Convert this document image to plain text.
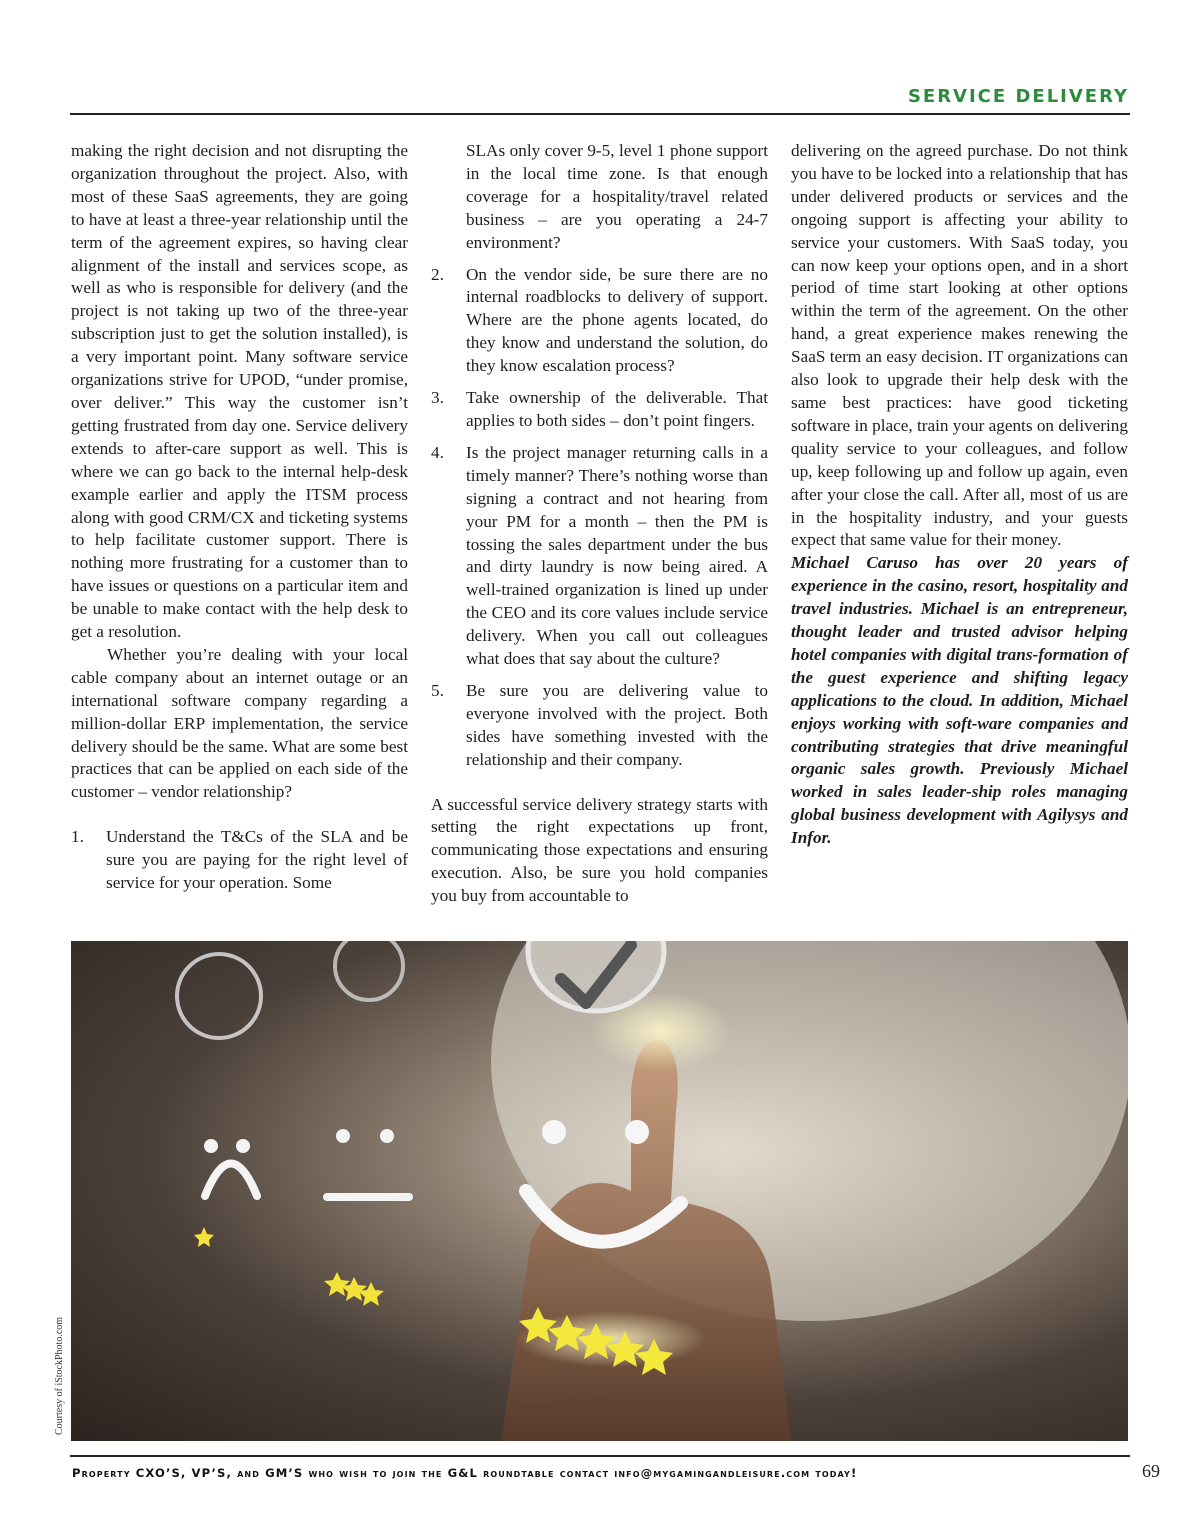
SERVICE DELIVERY

making the right decision and not disrupting the organization throughout the project. Also, with most of these SaaS agreements, they are going to have at least a three-year relationship until the term of the agreement expires, so having clear alignment of the install and services scope, as well as who is responsible for delivery (and the project is not taking up two of the three-year subscription just to get the solution installed), is a very important point. Many software service organizations strive for UPOD, “under promise, over deliver.” This way the customer isn’t getting frustrated from day one. Service delivery extends to after-care support as well. This is where we can go back to the internal help-desk example earlier and apply the ITSM process along with good CRM/CX and ticketing systems to help facilitate customer support. There is nothing more frustrating for a customer than to have issues or questions on a particular item and be unable to make contact with the help desk to get a resolution.

Whether you’re dealing with your local cable company about an internet outage or an international software company regarding a million-dollar ERP implementation, the service delivery should be the same. What are some best practices that can be applied on each side of the customer – vendor relationship?

1. Understand the T&Cs of the SLA and be sure you are paying for the right level of service for your operation. Some
SLAs only cover 9-5, level 1 phone support in the local time zone. Is that enough coverage for a hospitality/travel related business – are you operating a 24-7 environment?
2. On the vendor side, be sure there are no internal roadblocks to delivery of support. Where are the phone agents located, do they know and understand the solution, do they know escalation process?
3. Take ownership of the deliverable. That applies to both sides – don’t point fingers.
4. Is the project manager returning calls in a timely manner? There’s nothing worse than signing a contract and not hearing from your PM for a month – then the PM is tossing the sales department under the bus and dirty laundry is now being aired. A well-trained organization is lined up under the CEO and its core values include service delivery. When you call out colleagues what does that say about the culture?
5. Be sure you are delivering value to everyone involved with the project. Both sides have something invested with the relationship and their company.

A successful service delivery strategy starts with setting the right expectations up front, communicating those expectations and ensuring execution. Also, be sure you hold companies you buy from accountable to

delivering on the agreed purchase. Do not think you have to be locked into a relationship that has under delivered products or services and the ongoing support is affecting your ability to service your customers. With SaaS today, you can now keep your options open, and in a short period of time start looking at other options within the term of the agreement. On the other hand, a great experience makes renewing the SaaS term an easy decision. IT organizations can also look to upgrade their help desk with the same best practices: have good ticketing software in place, train your agents on delivering quality service to your colleagues, and follow up, keep following up and follow up again, even after your close the call. After all, most of us are in the hospitality industry, and your guests expect that same value for their money.

Michael Caruso has over 20 years of experience in the casino, resort, hospitality and travel industries. Michael is an entrepreneur, thought leader and trusted advisor helping hotel companies with digital trans-formation of the guest experience and shifting legacy applications to the cloud. In addition, Michael enjoys working with soft-ware companies and contributing strategies that drive meaningful organic sales growth. Previously Michael worked in sales leader-ship roles managing global business development with Agilysys and Infor.

Courtesy of iStockPhoto.com
Property CXO’S, VP’S, and GM’S who wish to join the G&L roundtable contact info@mygamingandleisure.com today!	69
